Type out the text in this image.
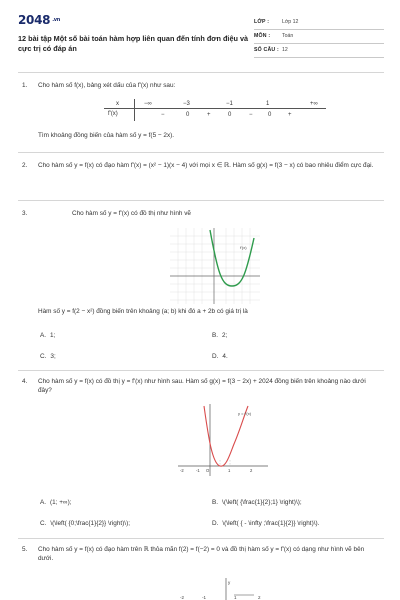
2048 .vn
12 bài tập Một số bài toán hàm hợp liên quan đến tính đơn điệu và cực trị có đáp án
LỚP :	Lớp 12
MÔN :	Toán
SỐ CÂU : 12
1. Cho hàm số f(x), bảng xét dấu của f'(x) như sau:
Tìm khoảng đồng biến của hàm số y = f(5 − 2x).
x
f'(x)
−∞	−3	−1	1	+∞
−	0	+	0	−	0	+
2. Cho hàm số y = f(x) có đạo hàm f'(x) = (x² − 1)(x − 4) với mọi x ∈ ℝ. Hàm số g(x) = f(3 − x) có bao nhiêu điểm cực đại.
3.	Cho hàm số y = f'(x) có đồ thị như hình vẽ
Hàm số y = f(2 − x²) đồng biến trên khoảng (a; b) khi đó a + 2b có giá trị là
f'(x)
A. 1;	B. 2;
C. 3;	D. 4.
4. Cho hàm số y = f(x) có đồ thị y = f'(x) như hình sau. Hàm số g(x) = f(3 − 2x) + 2024 đồng biến trên khoảng nào dưới đây?
y = f'(x)
-2	-1 O	1	2
A. (1; +∞);	B. \(\left( {\frac{1}{2};1} \right)\);
C. \(\left( {0;\frac{1}{2}} \right)\);	D. \(\left( { - \infty ;\frac{1}{2}} \right)\).
5. Cho hàm số y = f(x) có đạo hàm trên ℝ thỏa mãn f(2) = f(−2) = 0 và đồ thị hàm số y = f'(x) có dạng như hình vẽ bên dưới.
y
-2	-1	1	2
